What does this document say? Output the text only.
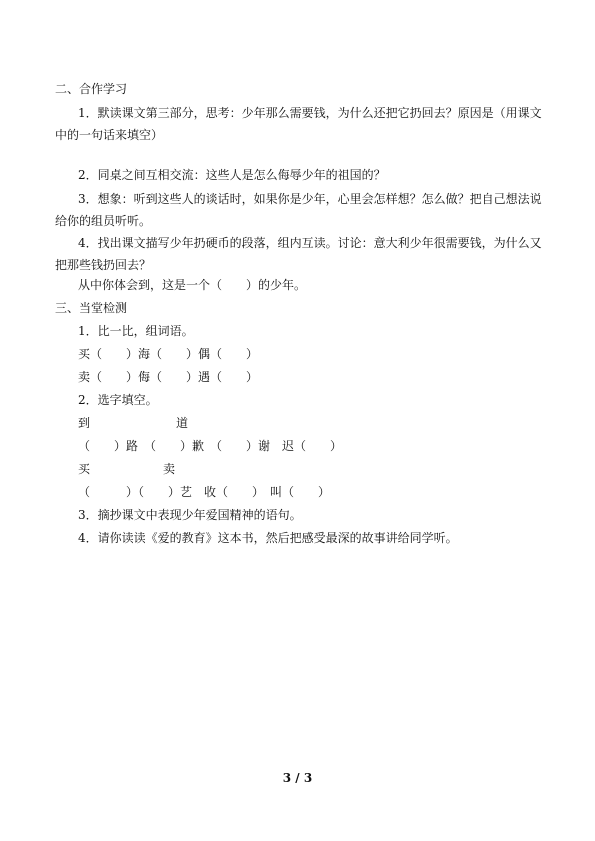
二、合作学习
1．默读课文第三部分，思考：少年那么需要钱，为什么还把它扔回去？原因是（用课文中的一句话来填空）
2．同桌之间互相交流：这些人是怎么侮辱少年的祖国的？
3．想象：听到这些人的谈话时，如果你是少年，心里会怎样想？怎么做？把自己想法说给你的组员听听。
4．找出课文描写少年扔硬币的段落，组内互读。讨论：意大利少年很需要钱，为什么又把那些钱扔回去？
从中你体会到，这是一个（　　）的少年。
三、当堂检测
1．比一比，组词语。
买（　　）海（　　）偶（　　）
卖（　　）侮（　　）遇（　　）
2．选字填空。
到	道
（　　）路　（　　）歉　（　　）谢　迟（　　）
买	卖
（　　　）（　　）艺　收（　　）　叫（　　）
3．摘抄课文中表现少年爱国精神的语句。
4．请你读读《爱的教育》这本书，然后把感受最深的故事讲给同学听。
3 / 3
